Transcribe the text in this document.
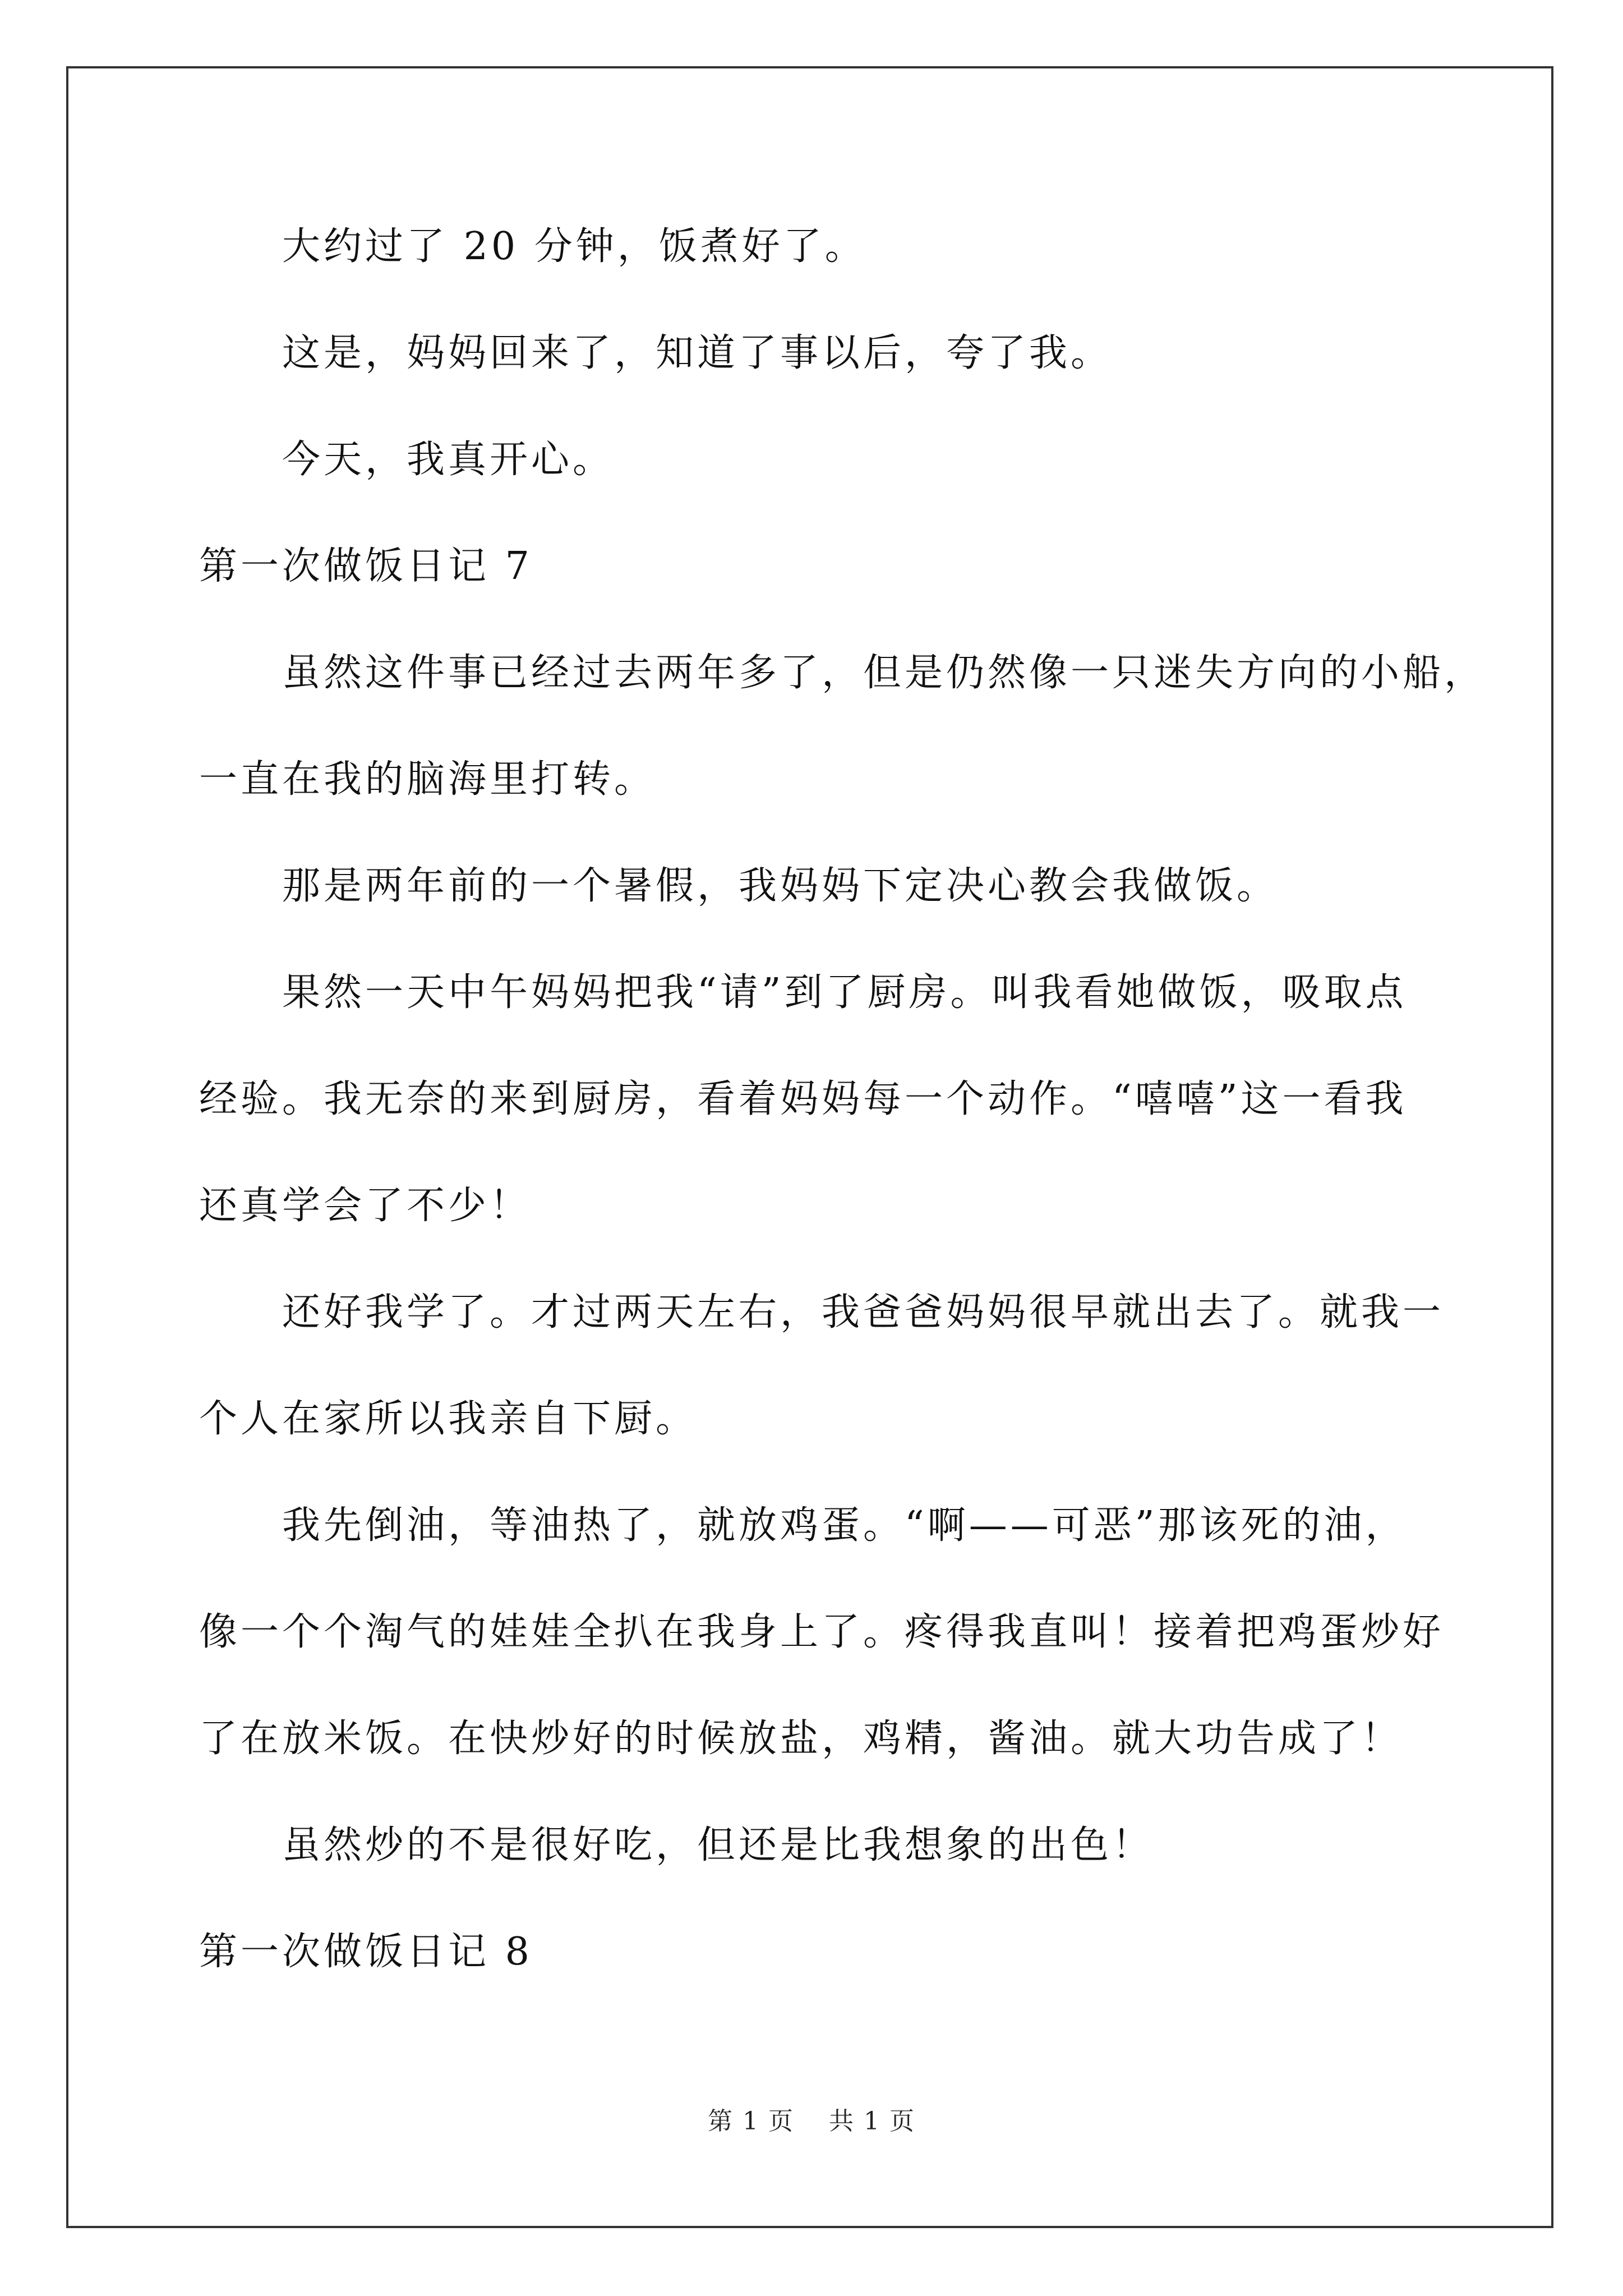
大约过了 20 分钟，饭煮好了。
这是，妈妈回来了，知道了事以后，夸了我。
今天，我真开心。
第一次做饭日记 7
虽然这件事已经过去两年多了，但是仍然像一只迷失方向的小船，
一直在我的脑海里打转。
那是两年前的一个暑假，我妈妈下定决心教会我做饭。
果然一天中午妈妈把我“请”到了厨房。叫我看她做饭，吸取点
经验。我无奈的来到厨房，看着妈妈每一个动作。“嘻嘻”这一看我
还真学会了不少！
还好我学了。才过两天左右，我爸爸妈妈很早就出去了。就我一
个人在家所以我亲自下厨。
我先倒油，等油热了，就放鸡蛋。“啊——可恶”那该死的油，
像一个个淘气的娃娃全扒在我身上了。疼得我直叫！接着把鸡蛋炒好
了在放米饭。在快炒好的时候放盐，鸡精，酱油。就大功告成了！
虽然炒的不是很好吃，但还是比我想象的出色！
第一次做饭日记 8
第 1 页 共 1 页
